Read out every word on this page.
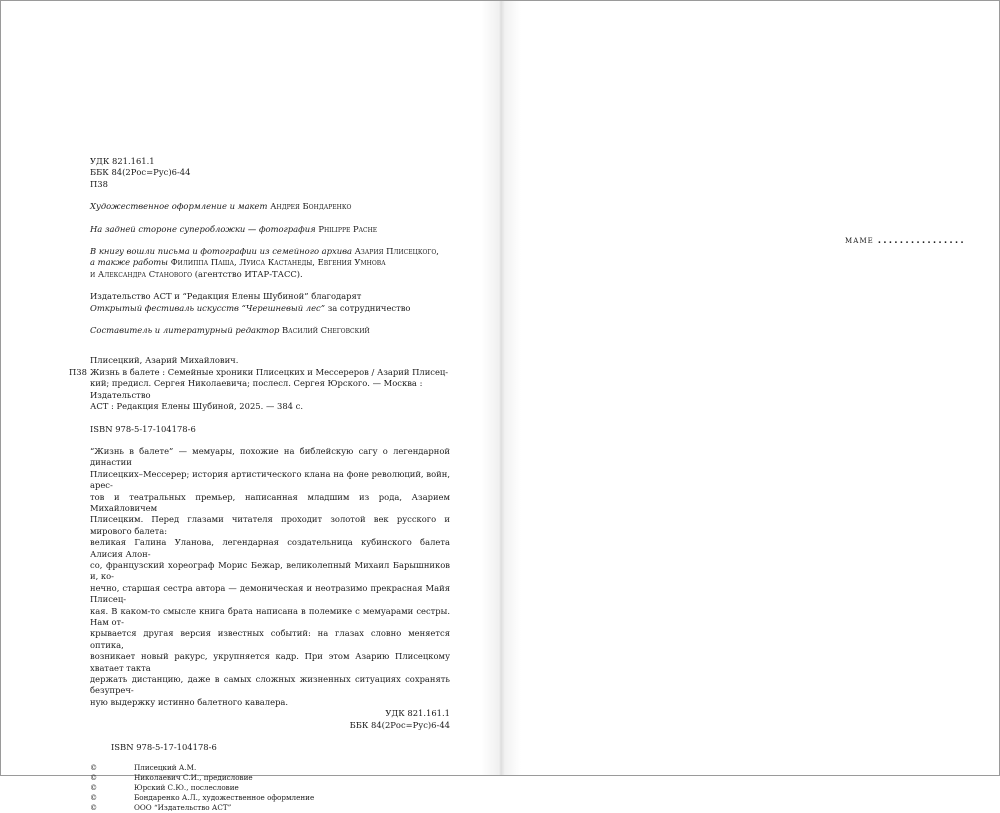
УДК 821.161.1

ББК 84(2Рос=Рус)6-44

П38

Художественное оформление и макет Андрея Бондаренко

На задней стороне суперобложки — фотография Philippe Pache

В книгу вошли письма и фотографии из семейного архива Азария Плисецкого,

а также работы Филиппа Паша, Луиса Кастанеды, Евгения Умнова

и Александра Станового (агентство ИТАР-ТАСС).

Издательство АСТ и “Редакция Елены Шубиной” благодарят

Открытый фестиваль искусств “Черешневый лес” за сотрудничество

Составитель и литературный редактор Василий Снеговский

Плисецкий, Азарий Михайлович.

П38 Жизнь в балете : Семейные хроники Плисецких и Мессереров / Азарий Плисец-

кий; предисл. Сергея Николаевича; послесл. Сергея Юрского. — Москва : Издательство

АСТ : Редакция Елены Шубиной, 2025. — 384 с.

ISBN 978-5-17-104178-6

“Жизнь в балете” — мемуары, похожие на библейскую сагу о легендарной династии

Плисецких–Мессерер; история артистического клана на фоне революций, войн, арес-

тов и театральных премьер, написанная младшим из рода, Азарием Михайловичем

Плисецким. Перед глазами читателя проходит золотой век русского и мирового балета:

великая Галина Уланова, легендарная создательница кубинского балета Алисия Алон-

со, французский хореограф Морис Бежар, великолепный Михаил Барышников и, ко-

нечно, старшая сестра автора — демоническая и неотразимо прекрасная Майя Плисец-

кая. В каком-то смысле книга брата написана в полемике с мемуарами сестры. Нам от-

крывается другая версия известных событий: на глазах словно меняется оптика,

возникает новый ракурс, укрупняется кадр. При этом Азарию Плисецкому хватает такта

держать дистанцию, даже в самых сложных жизненных ситуациях сохранять безупреч-

ную выдержку истинно балетного кавалера.

УДК 821.161.1

ББК 84(2Рос=Рус)6-44

ISBN 978-5-17-104178-6

©	Плисецкий А.М.
©	Николаевич С.И., предисловие
©	Юрский С.Ю., послесловие
©	Бондаренко А.Л., художественное оформление
©	ООО “Издательство АСТ”
маме ................
